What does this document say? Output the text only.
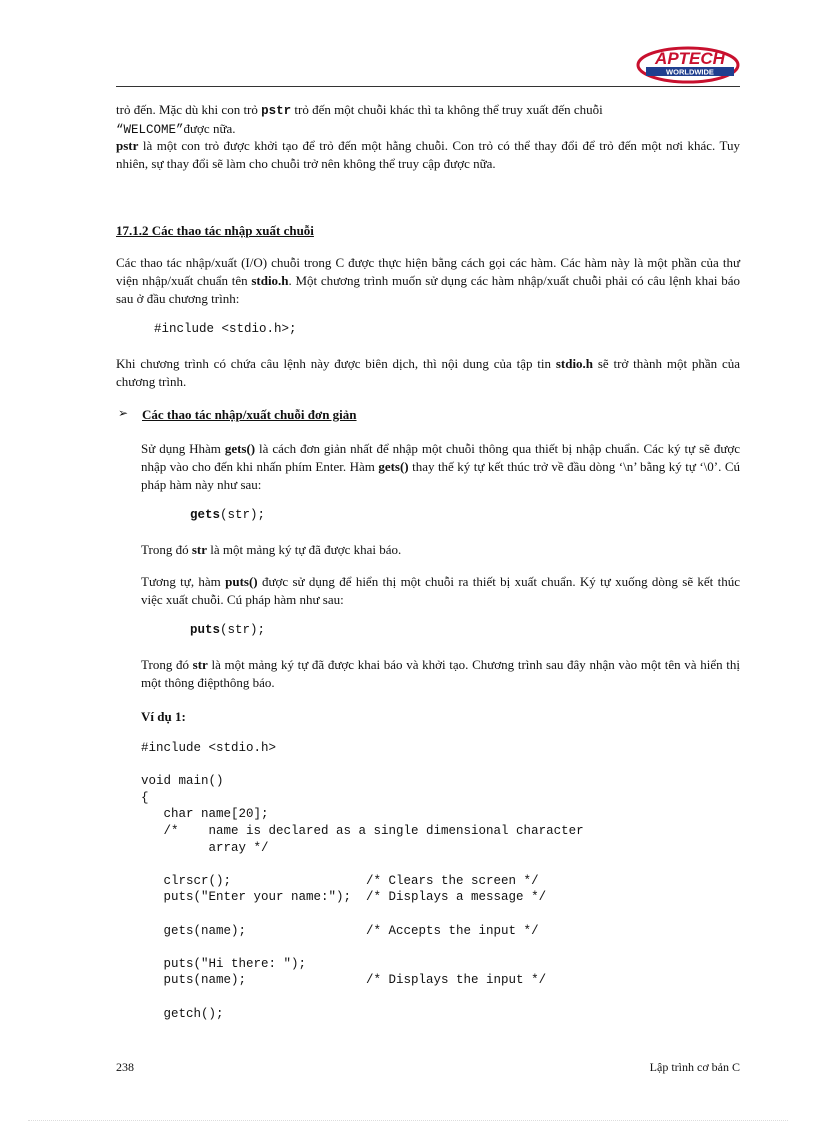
APTECH
WORLDWIDE
trỏ đến. Mặc dù khi con trỏ pstr trỏ đến một chuỗi khác thì ta không thể truy xuất đến chuỗi
“WELCOME”được nữa.
pstr là một con trỏ được khởi tạo để trỏ đến một hằng chuỗi. Con trỏ có thể thay đổi để trỏ đến một nơi khác. Tuy nhiên, sự thay đổi sẽ làm cho chuỗi trở nên không thể truy cập được nữa.
17.1.2 Các thao tác nhập xuất chuỗi
Các thao tác nhập/xuất (I/O) chuỗi trong C được thực hiện bằng cách gọi các hàm. Các hàm này là một phần của thư viện nhập/xuất chuẩn tên stdio.h. Một chương trình muốn sử dụng các hàm nhập/xuất chuỗi phải có câu lệnh khai báo sau ở đầu chương trình:
#include <stdio.h>;
Khi chương trình có chứa câu lệnh này được biên dịch, thì nội dung của tập tin stdio.h sẽ trở thành một phần của chương trình.
➢ Các thao tác nhập/xuất chuỗi đơn giản
Sử dụng Hhàm gets() là cách đơn giản nhất để nhập một chuỗi thông qua thiết bị nhập chuẩn. Các ký tự sẽ được nhập vào cho đến khi nhấn phím Enter. Hàm gets() thay thế ký tự kết thúc trở về đầu dòng ‘\n’ bằng ký tự ‘\0’. Cú pháp hàm này như sau:
gets(str);
Trong đó str là một mảng ký tự đã được khai báo.
Tương tự, hàm puts() được sử dụng để hiển thị một chuỗi ra thiết bị xuất chuẩn. Ký tự xuống dòng sẽ kết thúc việc xuất chuỗi. Cú pháp hàm như sau:
puts(str);
Trong đó str là một mảng ký tự đã được khai báo và khởi tạo. Chương trình sau đây nhận vào một tên và hiển thị một thông điệpthông báo.
Ví dụ 1:
#include <stdio.h>
void main()
{
char name[20];
/*    name is declared as a single dimensional character
array */
clrscr();                  /* Clears the screen */
puts("Enter your name:");  /* Displays a message */
gets(name);                /* Accepts the input */
puts("Hi there: ");
puts(name);                /* Displays the input */
getch();
238	Lập trình cơ bản C
